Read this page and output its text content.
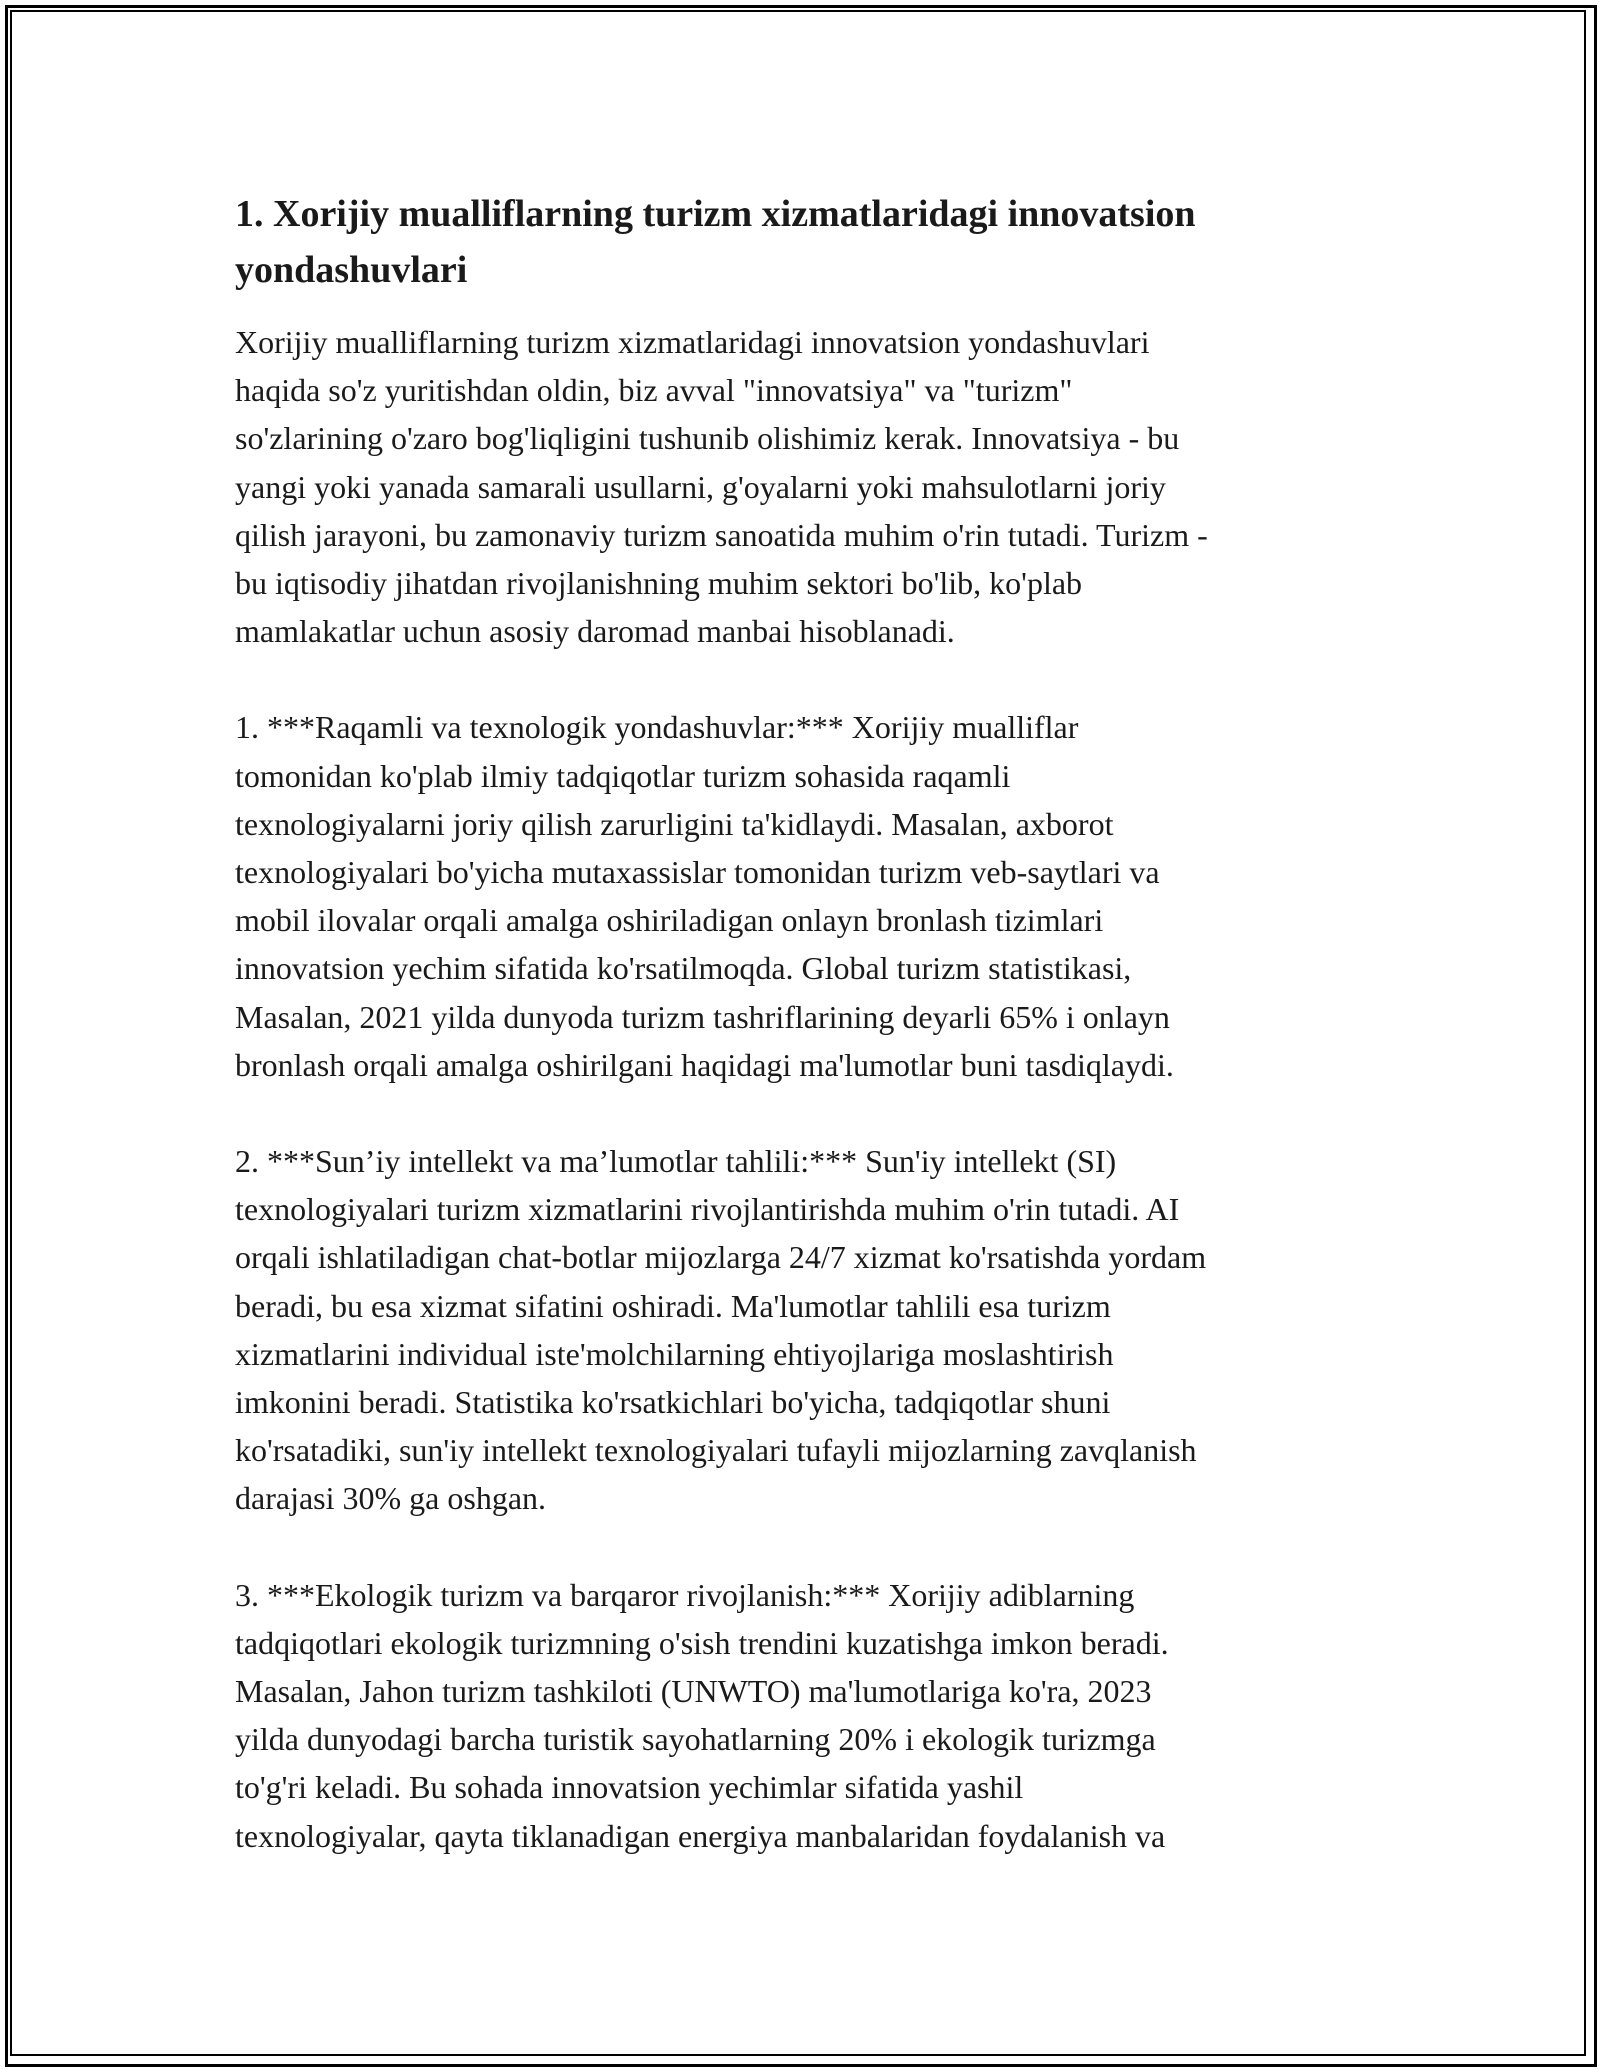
1. Xorijiy mualliflarning turizm xizmatlaridagi innovatsion
yondashuvlari

Xorijiy mualliflarning turizm xizmatlaridagi innovatsion yondashuvlari
haqida so'z yuritishdan oldin, biz avval "innovatsiya" va "turizm"
so'zlarining o'zaro bog'liqligini tushunib olishimiz kerak. Innovatsiya - bu
yangi yoki yanada samarali usullarni, g'oyalarni yoki mahsulotlarni joriy
qilish jarayoni, bu zamonaviy turizm sanoatida muhim o'rin tutadi. Turizm -
bu iqtisodiy jihatdan rivojlanishning muhim sektori bo'lib, ko'plab
mamlakatlar uchun asosiy daromad manbai hisoblanadi.

1. ***Raqamli va texnologik yondashuvlar:*** Xorijiy mualliflar
tomonidan ko'plab ilmiy tadqiqotlar turizm sohasida raqamli
texnologiyalarni joriy qilish zarurligini ta'kidlaydi. Masalan, axborot
texnologiyalari bo'yicha mutaxassislar tomonidan turizm veb-saytlari va
mobil ilovalar orqali amalga oshiriladigan onlayn bronlash tizimlari
innovatsion yechim sifatida ko'rsatilmoqda. Global turizm statistikasi,
Masalan, 2021 yilda dunyoda turizm tashriflarining deyarli 65% i onlayn
bronlash orqali amalga oshirilgani haqidagi ma'lumotlar buni tasdiqlaydi.

2. ***Sun’iy intellekt va ma’lumotlar tahlili:*** Sun'iy intellekt (SI)
texnologiyalari turizm xizmatlarini rivojlantirishda muhim o'rin tutadi. AI
orqali ishlatiladigan chat-botlar mijozlarga 24/7 xizmat ko'rsatishda yordam
beradi, bu esa xizmat sifatini oshiradi. Ma'lumotlar tahlili esa turizm
xizmatlarini individual iste'molchilarning ehtiyojlariga moslashtirish
imkonini beradi. Statistika ko'rsatkichlari bo'yicha, tadqiqotlar shuni
ko'rsatadiki, sun'iy intellekt texnologiyalari tufayli mijozlarning zavqlanish
darajasi 30% ga oshgan.

3. ***Ekologik turizm va barqaror rivojlanish:*** Xorijiy adiblarning
tadqiqotlari ekologik turizmning o'sish trendini kuzatishga imkon beradi.
Masalan, Jahon turizm tashkiloti (UNWTO) ma'lumotlariga ko'ra, 2023
yilda dunyodagi barcha turistik sayohatlarning 20% i ekologik turizmga
to'g'ri keladi. Bu sohada innovatsion yechimlar sifatida yashil
texnologiyalar, qayta tiklanadigan energiya manbalaridan foydalanish va
